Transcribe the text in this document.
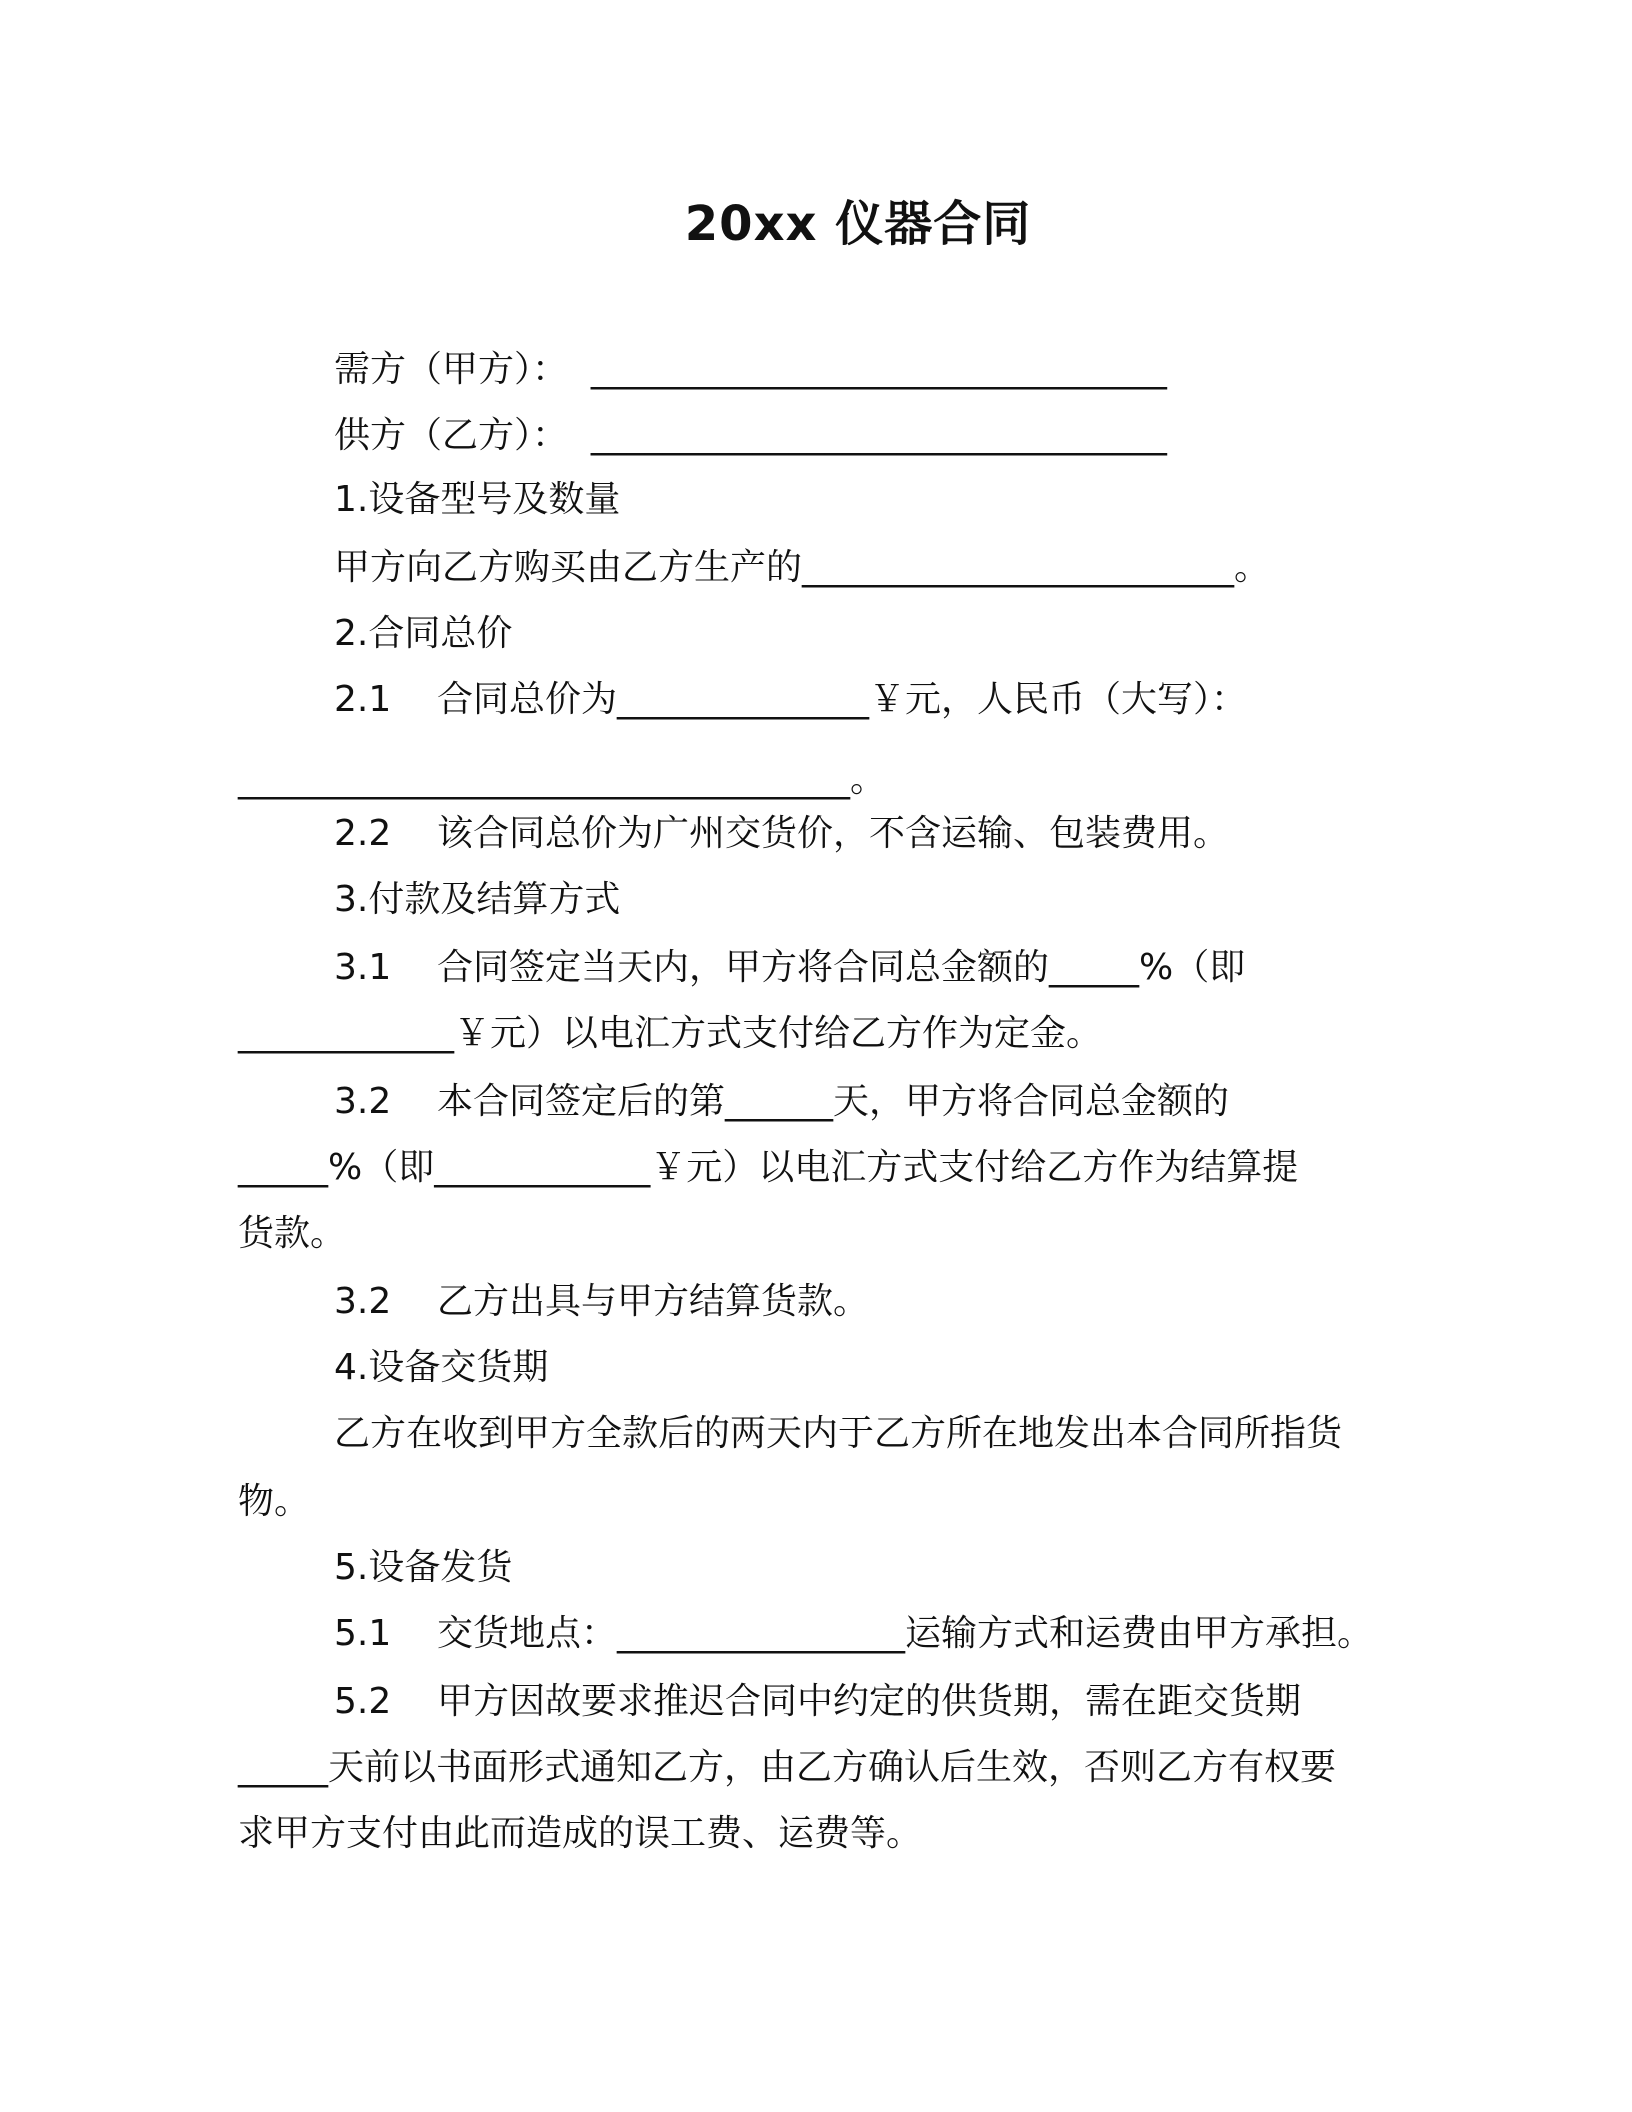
20xx 仪器合同
需方（甲方）：  ________________________________
供方（乙方）：  ________________________________
1.设备型号及数量
甲方向乙方购买由乙方生产的________________________。
2.合同总价
2.1    合同总价为______________￥元，人民币（大写）：
__________________________________。
2.2    该合同总价为广州交货价，不含运输、包装费用。
3.付款及结算方式
3.1    合同签定当天内，甲方将合同总金额的_____%（即
____________￥元）以电汇方式支付给乙方作为定金。
3.2    本合同签定后的第______天，甲方将合同总金额的
_____%（即____________￥元）以电汇方式支付给乙方作为结算提
货款。
3.2    乙方出具与甲方结算货款。
4.设备交货期
乙方在收到甲方全款后的两天内于乙方所在地发出本合同所指货
物。
5.设备发货
5.1    交货地点：________________运输方式和运费由甲方承担。
5.2    甲方因故要求推迟合同中约定的供货期，需在距交货期
_____天前以书面形式通知乙方，由乙方确认后生效，否则乙方有权要
求甲方支付由此而造成的误工费、运费等。
